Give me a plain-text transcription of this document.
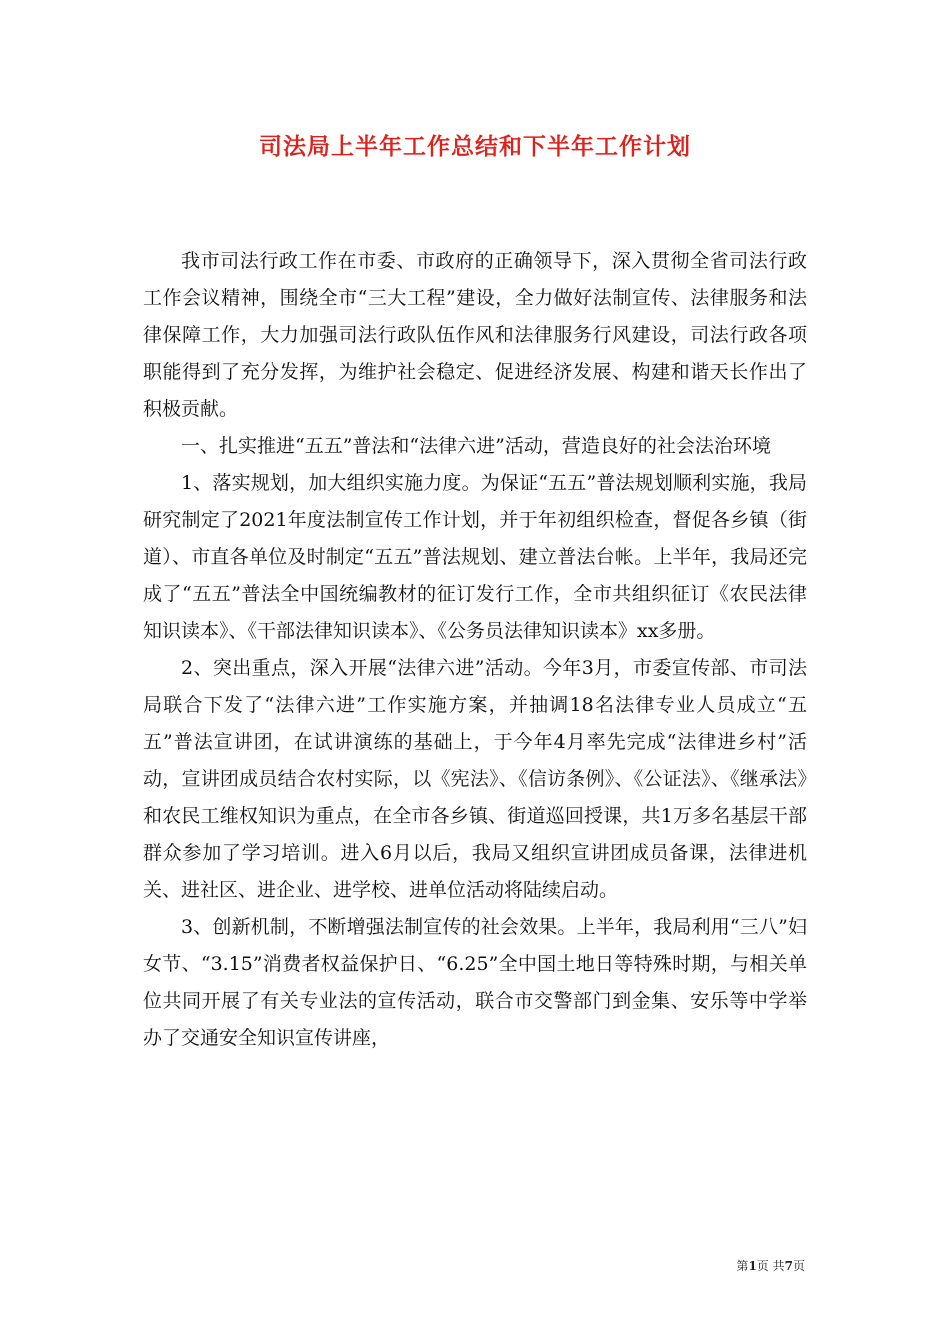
司法局上半年工作总结和下半年工作计划

我市司法行政工作在市委、市政府的正确领导下，深入贯彻全省司法行政工作会议精神，围绕全市“三大工程”建设，全力做好法制宣传、法律服务和法律保障工作，大力加强司法行政队伍作风和法律服务行风建设，司法行政各项职能得到了充分发挥，为维护社会稳定、促进经济发展、构建和谐天长作出了积极贡献。

一、扎实推进“五五”普法和“法律六进”活动，营造良好的社会法治环境

1、落实规划，加大组织实施力度。为保证“五五”普法规划顺利实施，我局研究制定了2021年度法制宣传工作计划，并于年初组织检查，督促各乡镇（街道）、市直各单位及时制定“五五”普法规划、建立普法台帐。上半年，我局还完成了“五五”普法全中国统编教材的征订发行工作，全市共组织征订《农民法律知识读本》、《干部法律知识读本》、《公务员法律知识读本》xx多册。

2、突出重点，深入开展“法律六进”活动。今年3月，市委宣传部、市司法局联合下发了“法律六进”工作实施方案，并抽调18名法律专业人员成立“五五”普法宣讲团，在试讲演练的基础上，于今年4月率先完成“法律进乡村”活动，宣讲团成员结合农村实际，以《宪法》、《信访条例》、《公证法》、《继承法》和农民工维权知识为重点，在全市各乡镇、街道巡回授课，共1万多名基层干部群众参加了学习培训。进入6月以后，我局又组织宣讲团成员备课，法律进机关、进社区、进企业、进学校、进单位活动将陆续启动。

3、创新机制，不断增强法制宣传的社会效果。上半年，我局利用“三八”妇女节、“3.15”消费者权益保护日、“6.25”全中国土地日等特殊时期，与相关单位共同开展了有关专业法的宣传活动，联合市交警部门到金集、安乐等中学举办了交通安全知识宣传讲座，

第1页 共7页
